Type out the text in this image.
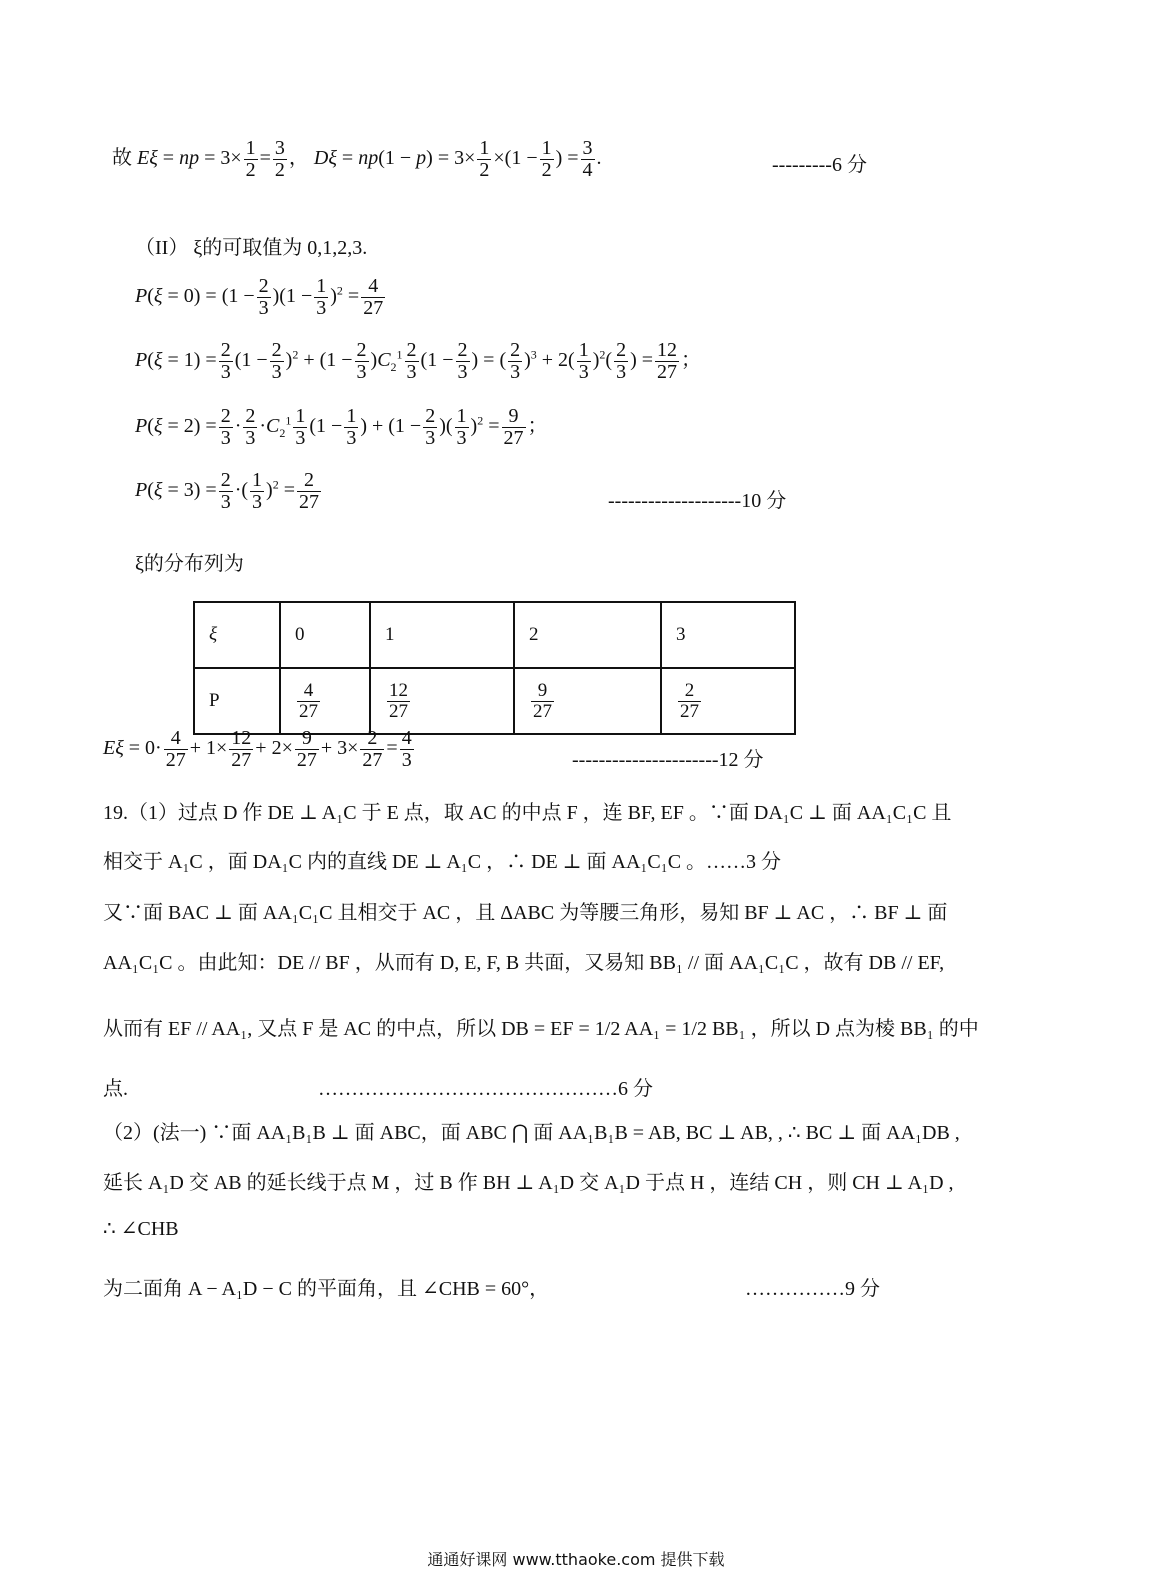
故 Eξ = np = $3\times \frac{1}{2} = \frac{3}{2}$ ， $D\xi = np(1 - p) = 3\times \frac{1}{2} \times(1 - \frac{1}{2}$ ) = $\frac{3}{4}$ .	---------6 分
（II） ξ的可取值为 0,1,2,3.
$P(\xi = 0) = (1 - \frac{2}{3} )(1 - \frac{1}{3} )^2 = \frac{4}{27}$
$P(\xi = 1) = \frac{2}{3} (1 - \frac{2}{3} )^2 + (1 - \frac{2}{3} )C_2^1 \frac{2}{3} (1 - \frac{2}{3}$ ) = ( $\frac{2}{3} )^3 + 2( \frac{1}{3} )^2( \frac{2}{3}$ ) = $\frac{12}{27}$ ；
$P(\xi = 2) = \frac{2}{3} \cdot \frac{2}{3} \cdot C_2^1 \frac{1}{3} (1 - \frac{1}{3}$ ) + ($1 - \frac{2}{3}$ )( $\frac{1}{3} )^2 = \frac{9}{27}$ ；
$P(\xi = 3) = \frac{2}{3}$ ·( $\frac{1}{3} )^2 = \frac{2}{27}$	--------------------10 分
ξ的分布列为
ξ	0	1	2	3
P	$\frac{4}{27}$	$\frac{12}{27}$	$\frac{9}{27}$	$\frac{2}{27}$
$E\xi = 0\cdot \frac{4}{27} + 1\times \frac{12}{27} + 2\times \frac{9}{27} + 3\times \frac{2}{27} = \frac{4}{3}$	----------------------12 分
19.（1）过点 D 作 DE ⊥ A₁C 于 E 点，取 AC 的中点 F ，连 BF, EF 。∵面 DA₁C ⊥ 面 AA₁C₁C 且
相交于 A₁C ，面 DA₁C 内的直线 DE ⊥ A₁C ，∴ DE ⊥ 面 AA₁C₁C 。……3 分
又∵面 BAC ⊥ 面 AA₁C₁C 且相交于 AC ，且 ΔABC 为等腰三角形，易知 BF ⊥ AC ，∴ BF ⊥ 面
AA₁C₁C 。由此知：DE // BF ，从而有 D, E, F, B 共面，又易知 BB₁ // 面 AA₁C₁C ，故有 DB // EF,
从而有 EF // AA₁, 又点 F 是 AC 的中点，所以 DB = EF = 1/2 AA₁ = 1/2 BB₁ ，所以 D 点为棱 BB₁ 的中
点.	………………………………………6 分
（2）(法一) ∵面 AA₁B₁B ⊥ 面 ABC，面 ABC ⋂ 面 AA₁B₁B = AB, BC ⊥ AB, , ∴ BC ⊥ 面 AA₁DB ,
延长 A₁D 交 AB 的延长线于点 M ，过 B 作 BH ⊥ A₁D 交 A₁D 于点 H ，连结 CH ，则 CH ⊥ A₁D ,
∴ ∠CHB
为二面角 A − A₁D − C 的平面角，且 ∠CHB = 60°，	……………9 分
通通好课网 www.tthaoke.com 提供下载
